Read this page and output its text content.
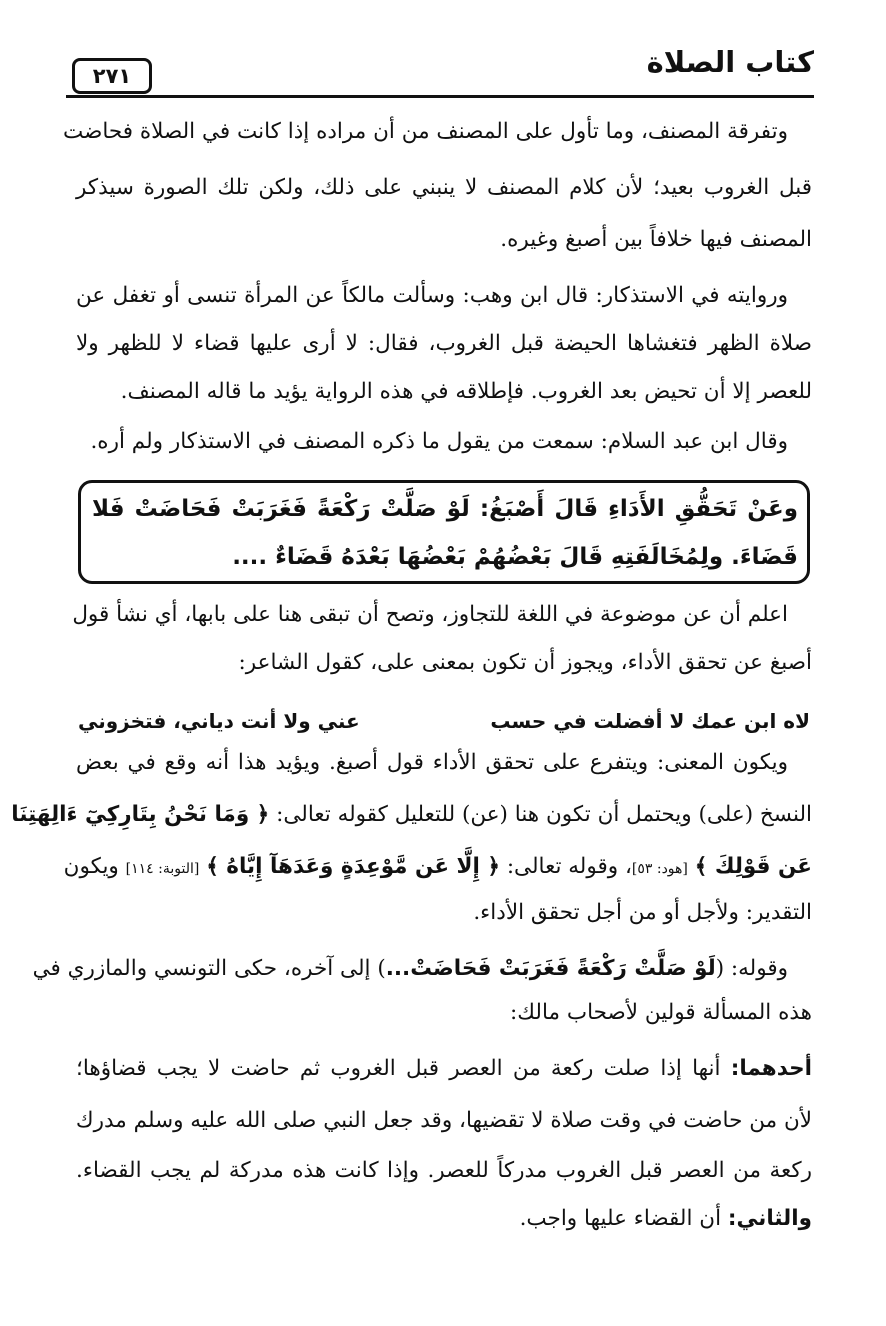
كتاب الصلاة
٢٧١
وتفرقة المصنف، وما تأول على المصنف من أن مراده إذا كانت في الصلاة فحاضت
قبل الغروب بعيد؛ لأن كلام المصنف لا ينبني على ذلك، ولكن تلك الصورة سيذكر
المصنف فيها خلافاً بين أصبغ وغيره.
وروايته في الاستذكار: قال ابن وهب: وسألت مالكاً عن المرأة تنسى أو تغفل عن
صلاة الظهر فتغشاها الحيضة قبل الغروب، فقال: لا أرى عليها قضاء لا للظهر ولا
للعصر إلا أن تحيض بعد الغروب. فإطلاقه في هذه الرواية يؤيد ما قاله المصنف.
وقال ابن عبد السلام: سمعت من يقول ما ذكره المصنف في الاستذكار ولم أره.
وعَنْ تَحَقُّقِ الأَدَاءِ قَالَ أَصْبَغُ: لَوْ صَلَّتْ رَكْعَةً فَغَرَبَتْ فَحَاضَتْ فَلا
قَضَاءَ. ولِمُخَالَفَتِهِ قَالَ بَعْضُهُمْ بَعْضُهَا بَعْدَهُ قَضَاءٌ ....
اعلم أن عن موضوعة في اللغة للتجاوز، وتصح أن تبقى هنا على بابها، أي نشأ قول
أصبغ عن تحقق الأداء، ويجوز أن تكون بمعنى على، كقول الشاعر:
لاه ابن عمك لا أفضلت في حسب
عني ولا أنت دياني، فتخزوني
ويكون المعنى: ويتفرع على تحقق الأداء قول أصبغ. ويؤيد هذا أنه وقع في بعض
النسخ (على) ويحتمل أن تكون هنا (عن) للتعليل كقوله تعالى: ﴿ وَمَا نَحْنُ بِتَارِكِيٓ ءَالِهَتِنَا
عَن قَوْلِكَ ﴾ [هود: ٥٣]، وقوله تعالى: ﴿ إِلَّا عَن مَّوْعِدَةٍ وَعَدَهَآ إِيَّاهُ ﴾ [التوبة: ١١٤] ويكون
التقدير: ولأجل أو من أجل تحقق الأداء.
وقوله: (لَوْ صَلَّتْ رَكْعَةً فَغَرَبَتْ فَحَاضَتْ...) إلى آخره، حكى التونسي والمازري في
هذه المسألة قولين لأصحاب مالك:
أحدهما: أنها إذا صلت ركعة من العصر قبل الغروب ثم حاضت لا يجب قضاؤها؛
لأن من حاضت في وقت صلاة لا تقضيها، وقد جعل النبي صلى الله عليه وسلم مدرك
ركعة من العصر قبل الغروب مدركاً للعصر. وإذا كانت هذه مدركة لم يجب القضاء.
والثاني: أن القضاء عليها واجب.
